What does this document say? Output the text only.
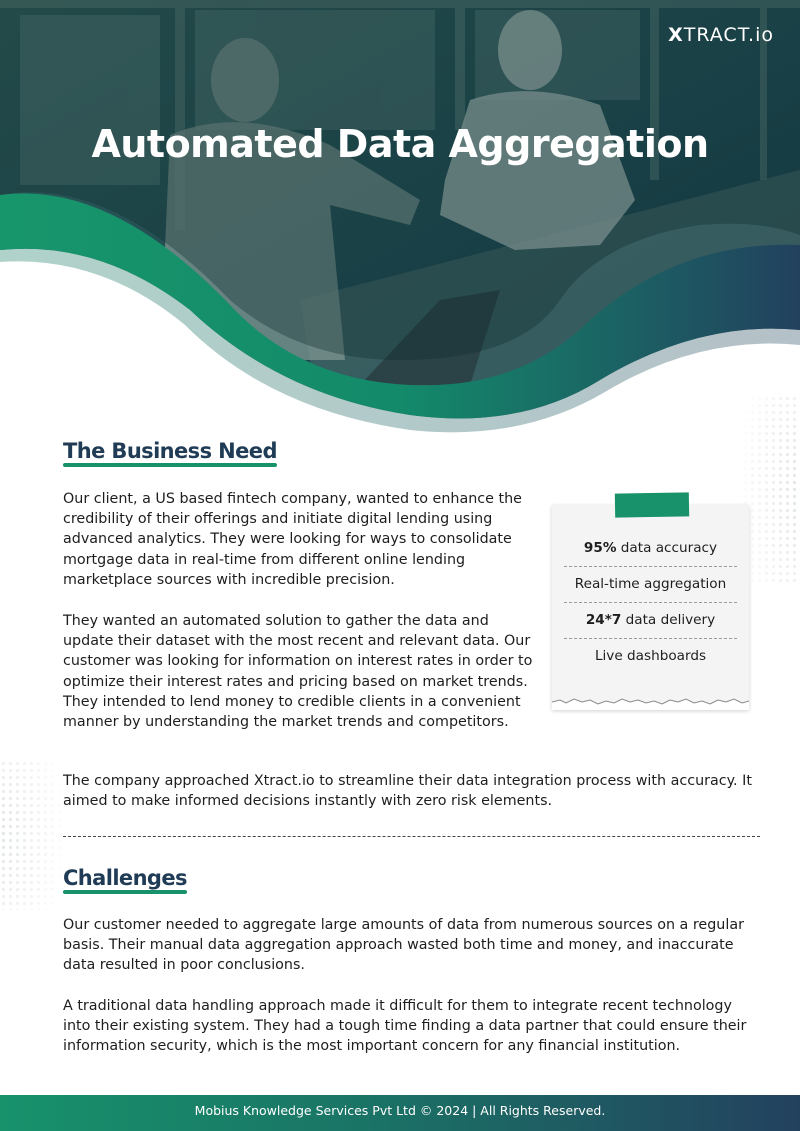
XTRACT.io
Automated Data Aggregation
The Business Need

Our client, a US based fintech company, wanted to enhance the credibility of their offerings and initiate digital lending using advanced analytics. They were looking for ways to consolidate mortgage data in real-time from different online lending marketplace sources with incredible precision.

They wanted an automated solution to gather the data and update their dataset with the most recent and relevant data. Our customer was looking for information on interest rates in order to optimize their interest rates and pricing based on market trends. They intended to lend money to credible clients in a convenient manner by understanding the market trends and competitors.

The company approached Xtract.io to streamline their data integration process with accuracy. It aimed to make informed decisions instantly with zero risk elements.

95% data accuracy
Real-time aggregation
24*7 data delivery
Live dashboards
Challenges

Our customer needed to aggregate large amounts of data from numerous sources on a regular basis. Their manual data aggregation approach wasted both time and money, and inaccurate data resulted in poor conclusions.

A traditional data handling approach made it difficult for them to integrate recent technology into their existing system. They had a tough time finding a data partner that could ensure their information security, which is the most important concern for any financial institution.

Mobius Knowledge Services Pvt Ltd © 2024 | All Rights Reserved.
